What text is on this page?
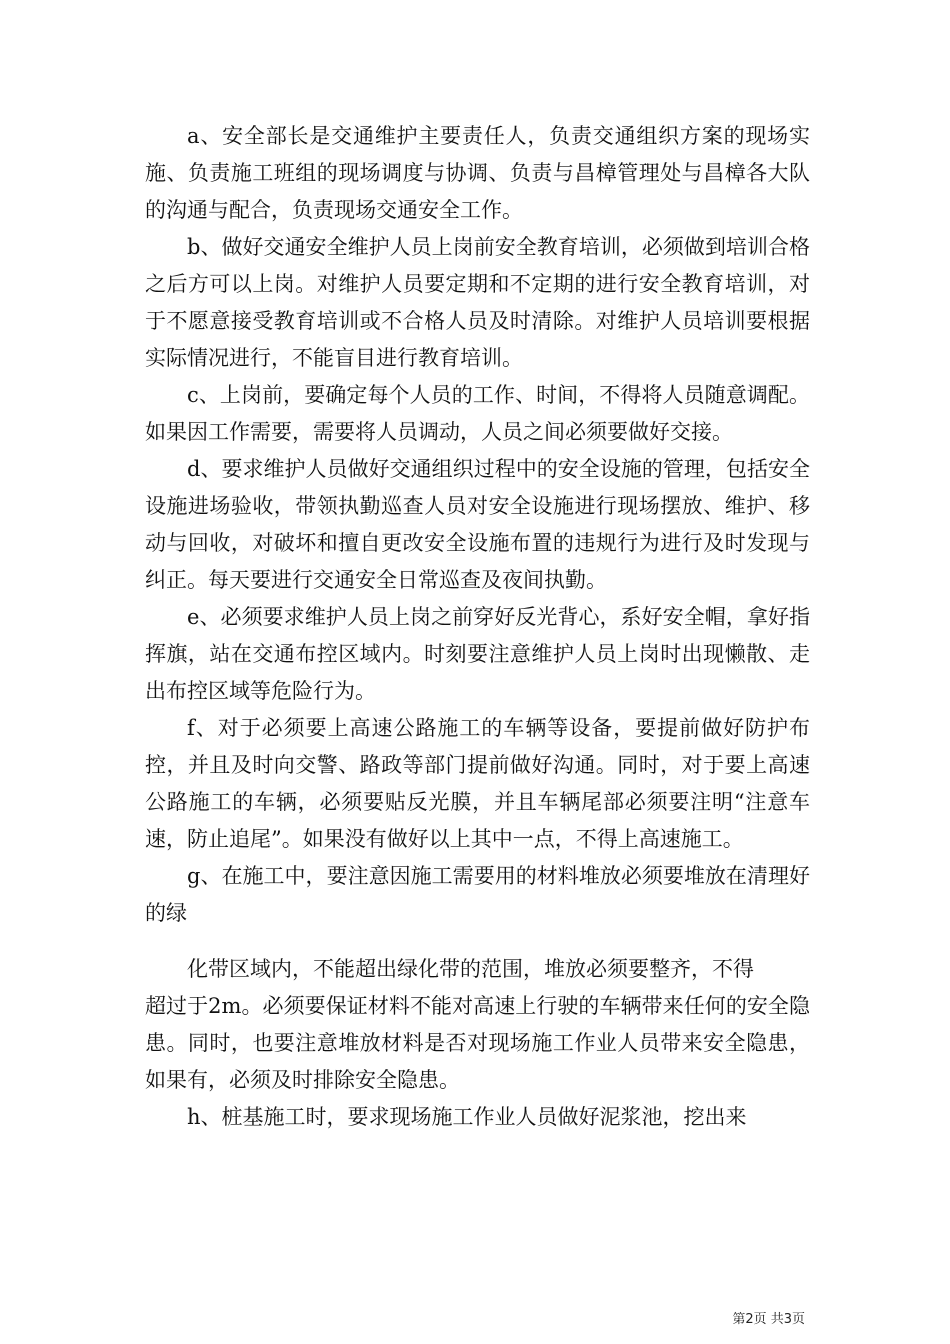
a、安全部长是交通维护主要责任人，负责交通组织方案的现场实施、负责施工班组的现场调度与协调、负责与昌樟管理处与昌樟各大队的沟通与配合，负责现场交通安全工作。

b、做好交通安全维护人员上岗前安全教育培训，必须做到培训合格之后方可以上岗。对维护人员要定期和不定期的进行安全教育培训，对于不愿意接受教育培训或不合格人员及时清除。对维护人员培训要根据实际情况进行，不能盲目进行教育培训。

c、上岗前，要确定每个人员的工作、时间，不得将人员随意调配。如果因工作需要，需要将人员调动，人员之间必须要做好交接。

d、要求维护人员做好交通组织过程中的安全设施的管理，包括安全设施进场验收，带领执勤巡查人员对安全设施进行现场摆放、维护、移动与回收，对破坏和擅自更改安全设施布置的违规行为进行及时发现与纠正。每天要进行交通安全日常巡查及夜间执勤。

e、必须要求维护人员上岗之前穿好反光背心，系好安全帽，拿好指挥旗，站在交通布控区域内。时刻要注意维护人员上岗时出现懒散、走出布控区域等危险行为。

f、对于必须要上高速公路施工的车辆等设备，要提前做好防护布控，并且及时向交警、路政等部门提前做好沟通。同时，对于要上高速公路施工的车辆，必须要贴反光膜，并且车辆尾部必须要注明“注意车速，防止追尾”。如果没有做好以上其中一点，不得上高速施工。

g、在施工中，要注意因施工需要用的材料堆放必须要堆放在清理好的绿

化带区域内，不能超出绿化带的范围，堆放必须要整齐，不得

超过于2m。必须要保证材料不能对高速上行驶的车辆带来任何的安全隐患。同时，也要注意堆放材料是否对现场施工作业人员带来安全隐患，如果有，必须及时排除安全隐患。

h、桩基施工时，要求现场施工作业人员做好泥浆池，挖出来

第2页 共3页
